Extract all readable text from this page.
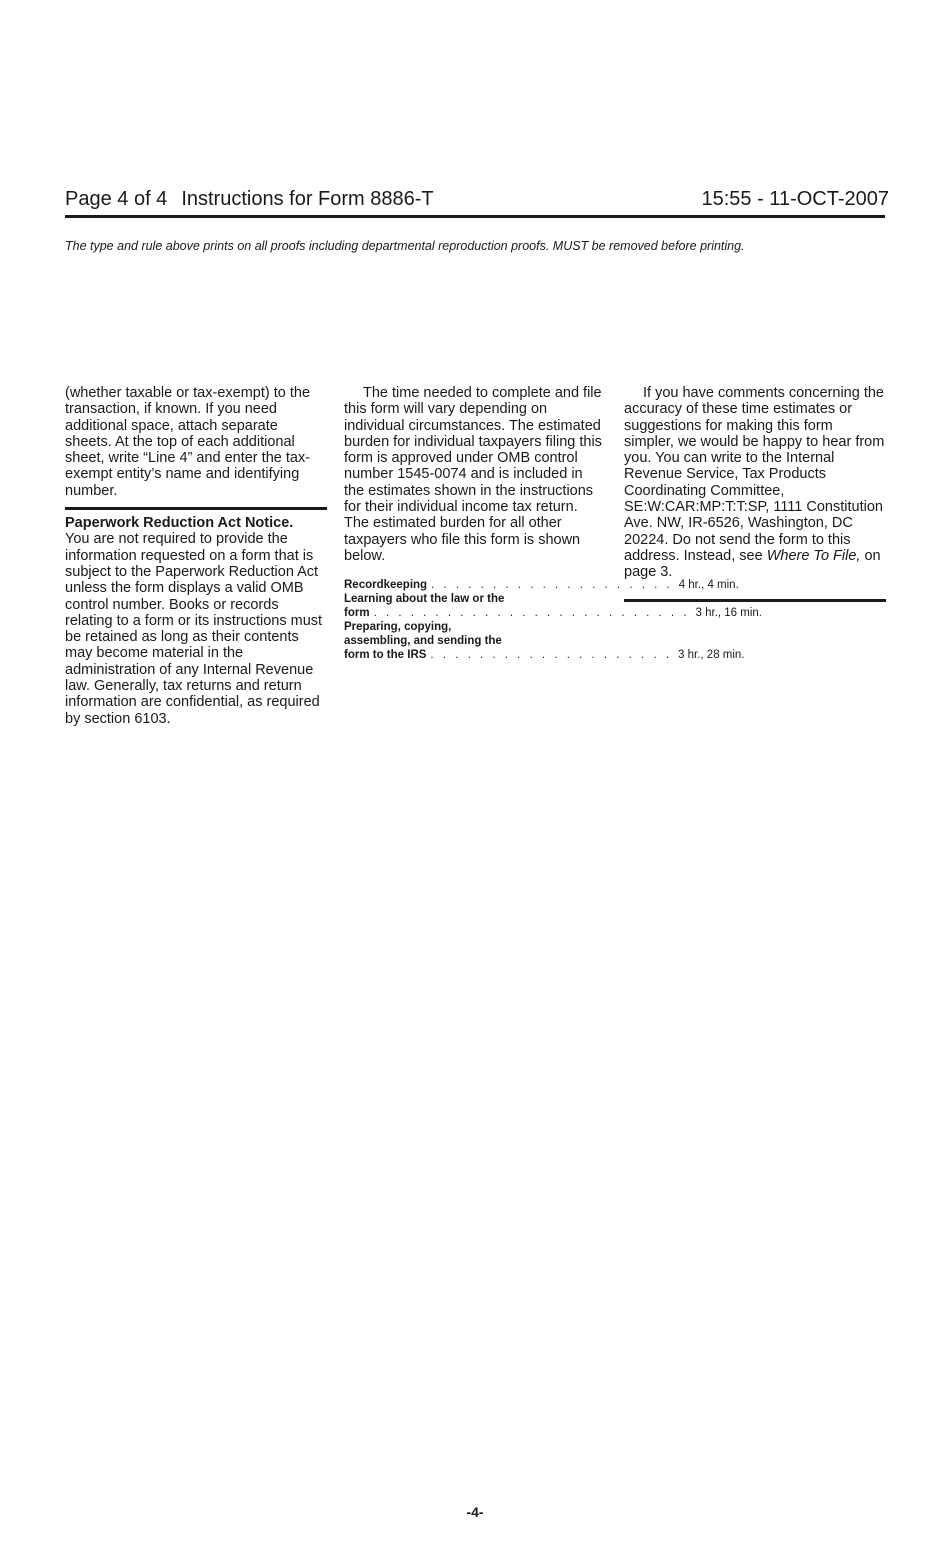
Page 4 of 4 Instructions for Form 8886-T	15:55 - 11-OCT-2007
The type and rule above prints on all proofs including departmental reproduction proofs. MUST be removed before printing.

(whether taxable or tax-exempt) to the transaction, if known. If you need additional space, attach separate sheets. At the top of each additional sheet, write “Line 4” and enter the tax-exempt entity’s name and identifying number.

Paperwork Reduction Act Notice.
You are not required to provide the information requested on a form that is subject to the Paperwork Reduction Act unless the form displays a valid OMB control number. Books or records relating to a form or its instructions must be retained as long as their contents may become material in the administration of any Internal Revenue law. Generally, tax returns and return information are confidential, as required by section 6103.

The time needed to complete and file this form will vary depending on individual circumstances. The estimated burden for individual taxpayers filing this form is approved under OMB control number 1545-0074 and is included in the estimates shown in the instructions for their individual income tax return. The estimated burden for all other taxpayers who file this form is shown below.

Recordkeeping . . . . . . . . . . . . . . . . . . . . 4 hr., 4 min.
Learning about the law or the
form . . . . . . . . . . . . . . . . . . . . . . . . . . 3 hr., 16 min.
Preparing, copying,
assembling, and sending the
form to the IRS . . . . . . . . . . . . . . . . . . . . 3 hr., 28 min.

If you have comments concerning the accuracy of these time estimates or suggestions for making this form simpler, we would be happy to hear from you. You can write to the Internal Revenue Service, Tax Products Coordinating Committee, SE:W:CAR:MP:T:T:SP, 1111 Constitution Ave. NW, IR-6526, Washington, DC 20224. Do not send the form to this address. Instead, see Where To File, on page 3.

-4-
